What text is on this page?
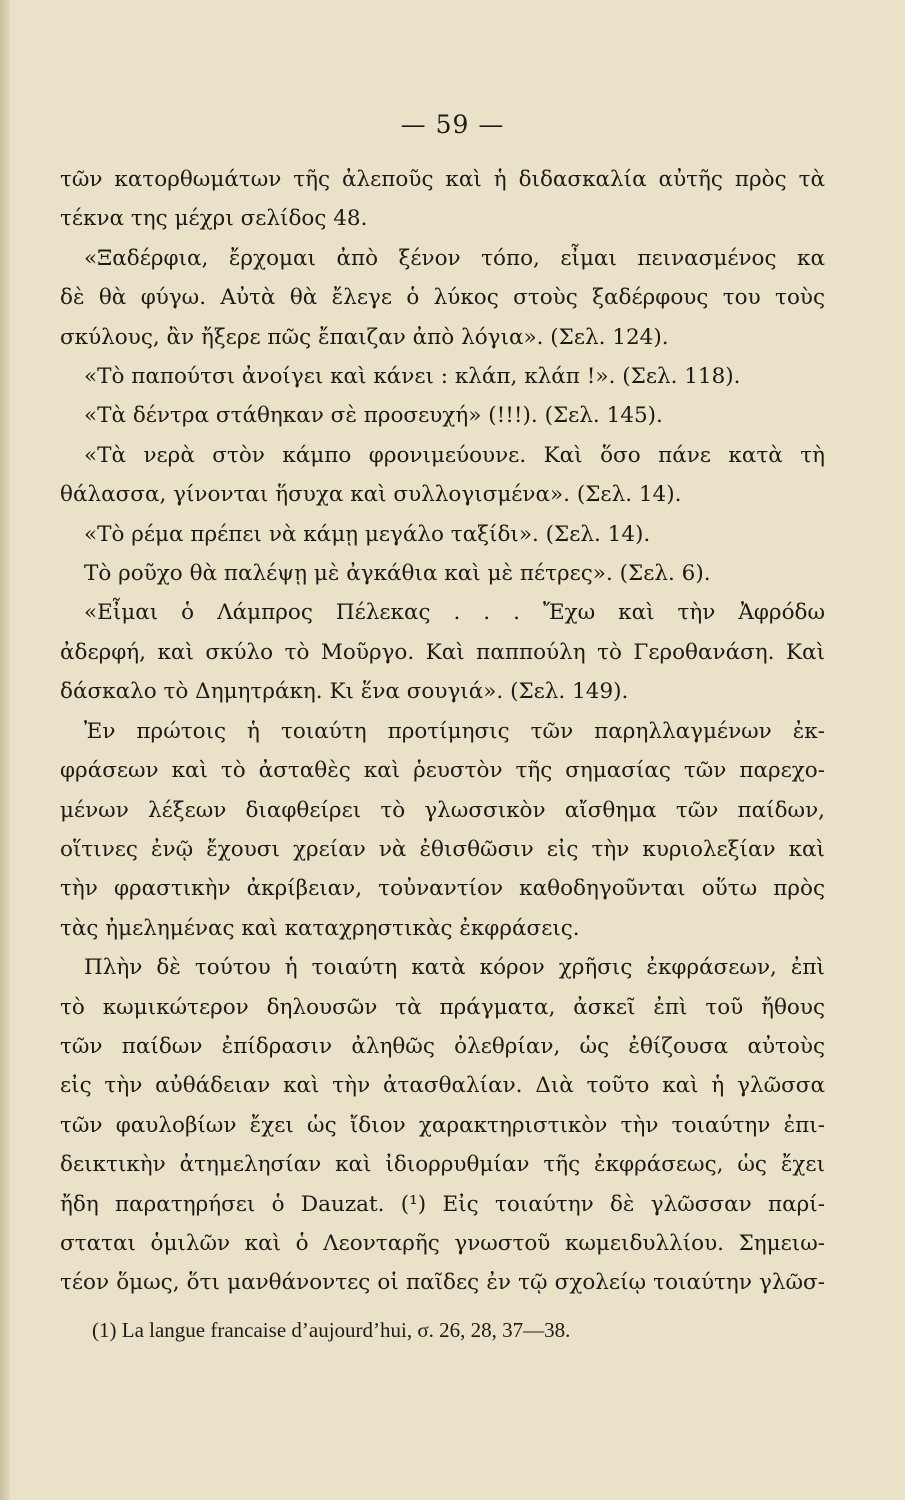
— 59 —
τῶν κατορθωμάτων τῆς ἀλεπoῦς καὶ ἡ διδασκαλία αὐτῆς πρὸς τὰ
τέκνα της μέχρι σελίδος 48.
«Ξαδέρφια, ἔρχομαι ἀπὸ ξένον τόπο, εἶμαι πεινασμένος κα
δὲ θὰ φύγω. Αὐτὰ θὰ ἔλεγε ὁ λύκος στοὺς ξαδέρφους του τοὺς
σκύλους, ἂν ἤξερε πῶς ἔπαιζαν ἀπὸ λόγια». (Σελ. 124).
«Τὸ παπούτσι ἀνοίγει καὶ κάνει : κλάπ, κλάπ !». (Σελ. 118).
«Τὰ δέντρα στάθηκαν σὲ προσευχή» (!!!). (Σελ. 145).
«Τὰ νερὰ στὸν κάμπο φρονιμεύουνε. Καὶ ὅσο πάνε κατὰ τὴ
θάλασσα, γίνονται ἥσυχα καὶ συλλογισμένα». (Σελ. 14).
«Τὸ ρέμα πρέπει νὰ κάμῃ μεγάλο ταξίδι». (Σελ. 14).
Τὸ ροῦχο θὰ παλέψῃ μὲ ἀγκάθια καὶ μὲ πέτρες». (Σελ. 6).
«Εἶμαι ὁ Λάμπρος Πέλεκας . . . Ἔχω καὶ τὴν Ἀφρόδω
ἀδερφή, καὶ σκύλο τὸ Μοῦργο. Καὶ παππούλη τὸ Γεροθανάση. Καὶ
δάσκαλο τὸ Δημητράκη. Κι ἕνα σουγιά». (Σελ. 149).
Ἐν πρώτοις ἡ τοιαύτη προτίμησις τῶν παρηλλαγμένων ἐκ-
φράσεων καὶ τὸ ἀσταθὲς καὶ ῥευστὸν τῆς σημασίας τῶν παρεχο-
μένων λέξεων διαφθείρει τὸ γλωσσικὸν αἴσθημα τῶν παίδων,
οἵτινες ἐνῷ ἔχουσι χρείαν νὰ ἐθισθῶσιν εἰς τὴν κυριολεξίαν καὶ
τὴν φραστικὴν ἀκρίβειαν, τοὐναντίον καθοδηγοῦνται οὕτω πρὸς
τὰς ἠμελημένας καὶ καταχρηστικὰς ἐκφράσεις.
Πλὴν δὲ τούτου ἡ τοιαύτη κατὰ κόρον χρῆσις ἐκφράσεων, ἐπὶ
τὸ κωμικώτερον δηλουσῶν τὰ πράγματα, ἀσκεῖ ἐπὶ τοῦ ἤθους
τῶν παίδων ἐπίδρασιν ἀληθῶς ὀλεθρίαν, ὡς ἐθίζουσα αὐτοὺς
εἰς τὴν αὐθάδειαν καὶ τὴν ἀτασθαλίαν. Διὰ τοῦτο καὶ ἡ γλῶσσα
τῶν φαυλοβίων ἔχει ὡς ἴδιον χαρακτηριστικὸν τὴν τοιαύτην ἐπι-
δεικτικὴν ἀτημελησίαν καὶ ἰδιορρυθμίαν τῆς ἐκφράσεως, ὡς ἔχει
ἤδη παρατηρήσει ὁ Dauzat. (¹) Εἰς τοιαύτην δὲ γλῶσσαν παρί-
σταται ὁμιλῶν καὶ ὁ Λεονταρῆς γνωστοῦ κωμειδυλλίου. Σημειω-
τέον ὅμως, ὅτι μανθάνοντες οἱ παῖδες ἐν τῷ σχολείῳ τοιαύτην γλῶσ-
(1) La langue francaise d’aujourd’hui, σ. 26, 28, 37—38.
